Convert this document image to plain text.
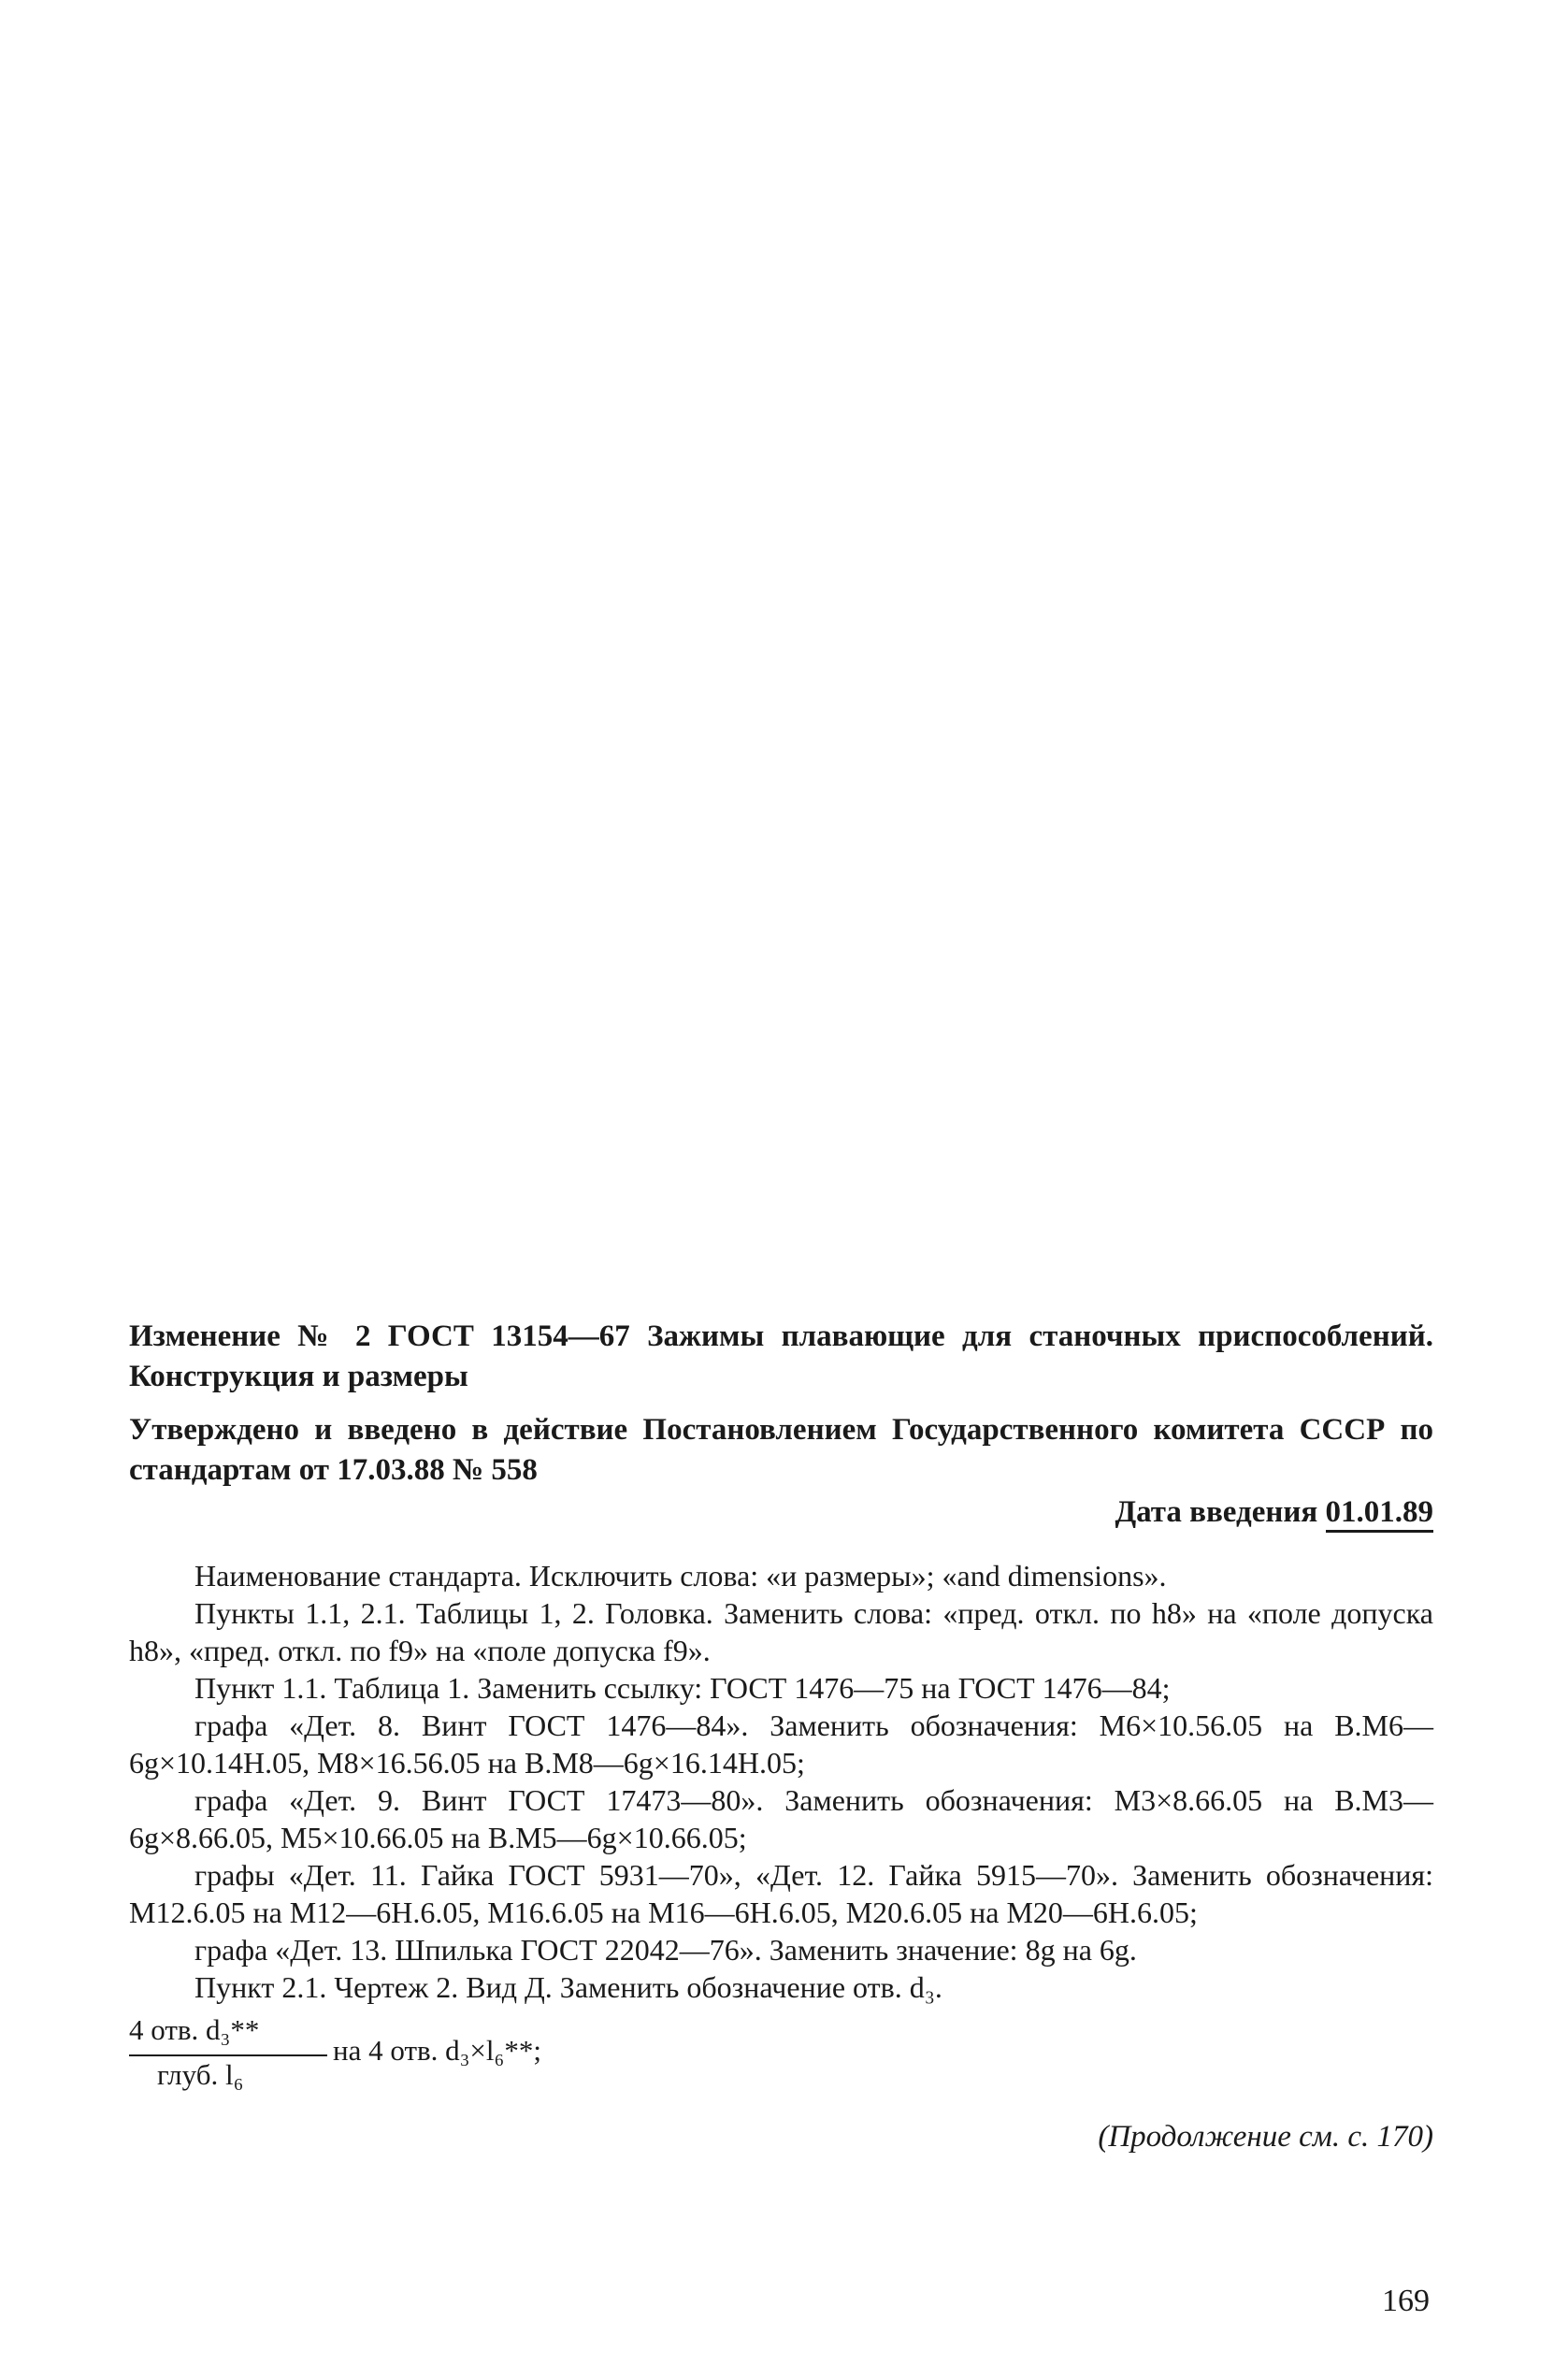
Изменение № 2 ГОСТ 13154—67 Зажимы плавающие для станочных приспособлений. Конструкция и размеры

Утверждено и введено в действие Постановлением Государственного комитета СССР по стандартам от 17.03.88 № 558

Дата введения 01.01.89

Наименование стандарта. Исключить слова: «и размеры»; «and dimensions».

Пункты 1.1, 2.1. Таблицы 1, 2. Головка. Заменить слова: «пред. откл. по h8» на «поле допуска h8», «пред. откл. по f9» на «поле допуска f9».

Пункт 1.1. Таблица 1. Заменить ссылку: ГОСТ 1476—75 на ГОСТ 1476—84;

графа «Дет. 8. Винт ГОСТ 1476—84». Заменить обозначения: М6×10.56.05 на В.М6—6g×10.14Н.05, М8×16.56.05 на В.М8—6g×16.14Н.05;

графа «Дет. 9. Винт ГОСТ 17473—80». Заменить обозначения: М3×8.66.05 на В.М3—6g×8.66.05, М5×10.66.05 на В.М5—6g×10.66.05;

графы «Дет. 11. Гайка ГОСТ 5931—70», «Дет. 12. Гайка 5915—70». Заменить обозначения: М12.6.05 на М12—6Н.6.05, М16.6.05 на М16—6Н.6.05, М20.6.05 на М20—6Н.6.05;

графа «Дет. 13. Шпилька ГОСТ 22042—76». Заменить значение: 8g на 6g.

Пункт 2.1. Чертеж 2. Вид Д. Заменить обозначение отв. d₃.

4 отв. d₃**
глуб. l₆
на 4 отв. d₃×l₆**;
(Продолжение см. с. 170)
169
